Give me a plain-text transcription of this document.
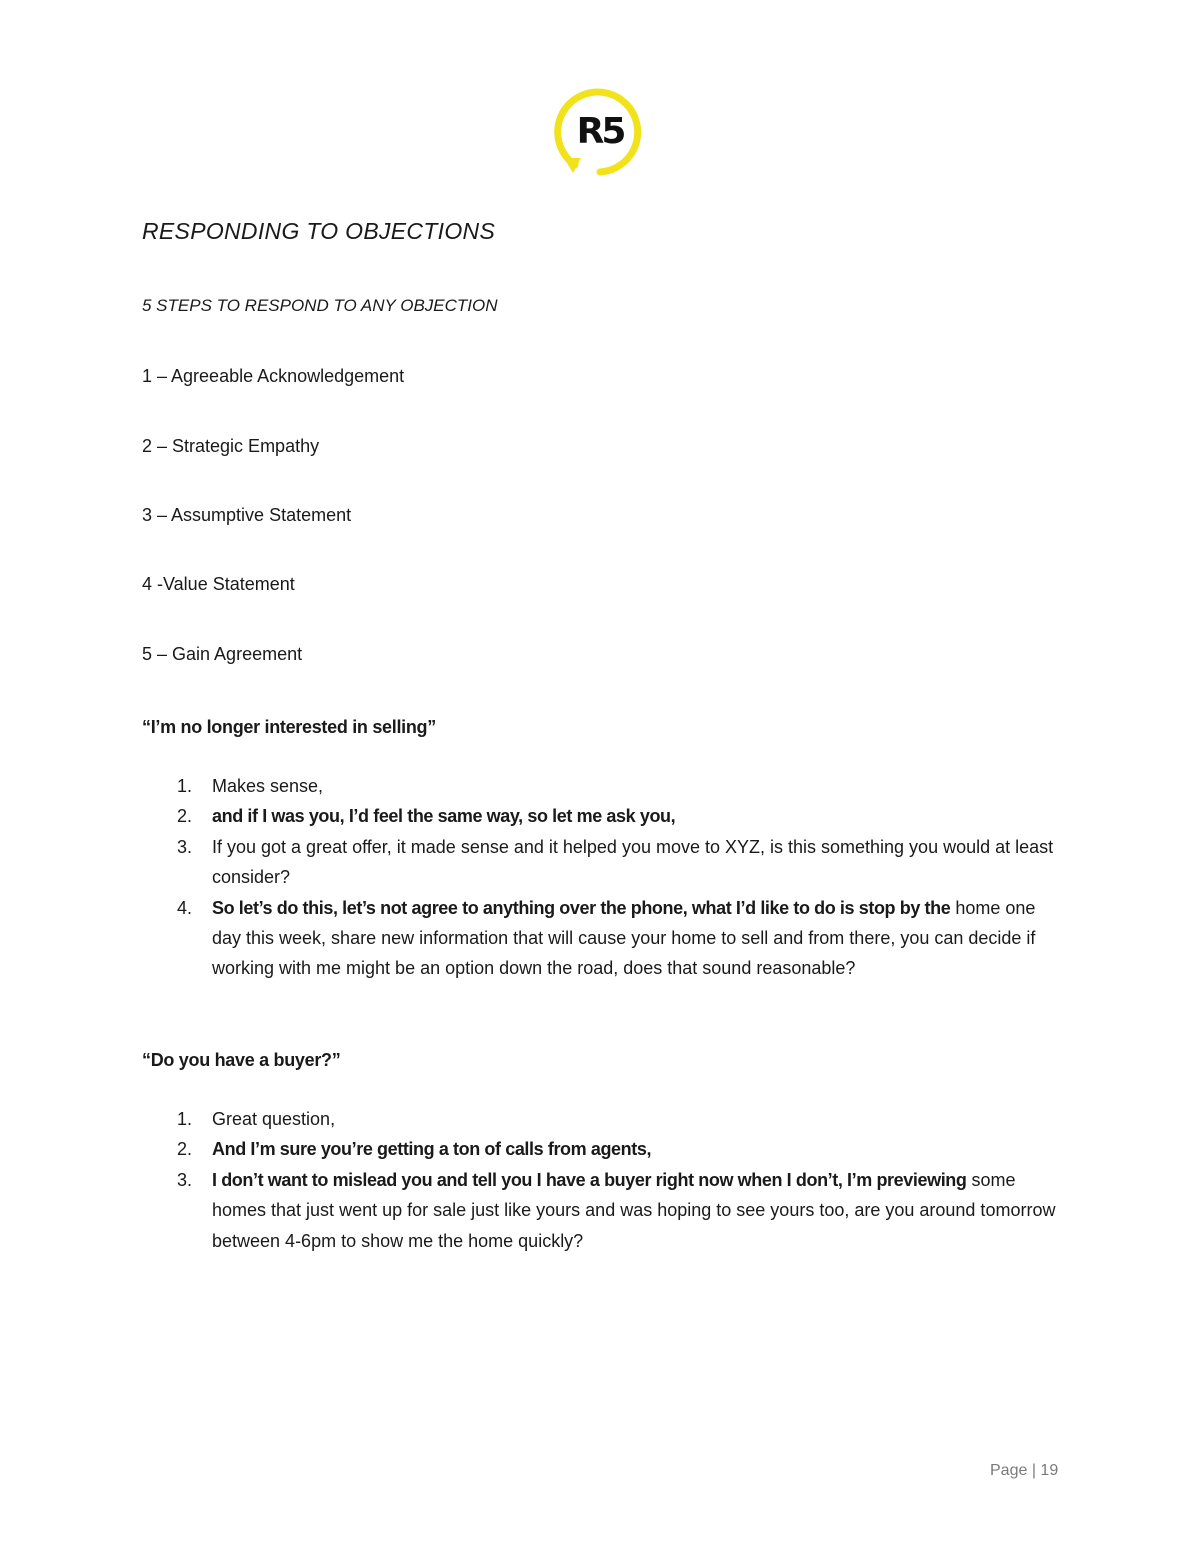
R5
RESPONDING TO OBJECTIONS
5 STEPS TO RESPOND TO ANY OBJECTION
1 – Agreeable Acknowledgement
2 – Strategic Empathy
3 – Assumptive Statement
4 -Value Statement
5 – Gain Agreement
“I’m no longer interested in selling”
1. Makes sense,
2. and if I was you, I’d feel the same way, so let me ask you,
3. If you got a great offer, it made sense and it helped you move to XYZ, is this something you would at least consider?
4. So let’s do this, let’s not agree to anything over the phone, what I’d like to do is stop by the home one day this week, share new information that will cause your home to sell and from there, you can decide if working with me might be an option down the road, does that sound reasonable?
“Do you have a buyer?”
1. Great question,
2. And I’m sure you’re getting a ton of calls from agents,
3. I don’t want to mislead you and tell you I have a buyer right now when I don’t, I’m previewing some homes that just went up for sale just like yours and was hoping to see yours too, are you around tomorrow between 4-6pm to show me the home quickly?
Page | 19
